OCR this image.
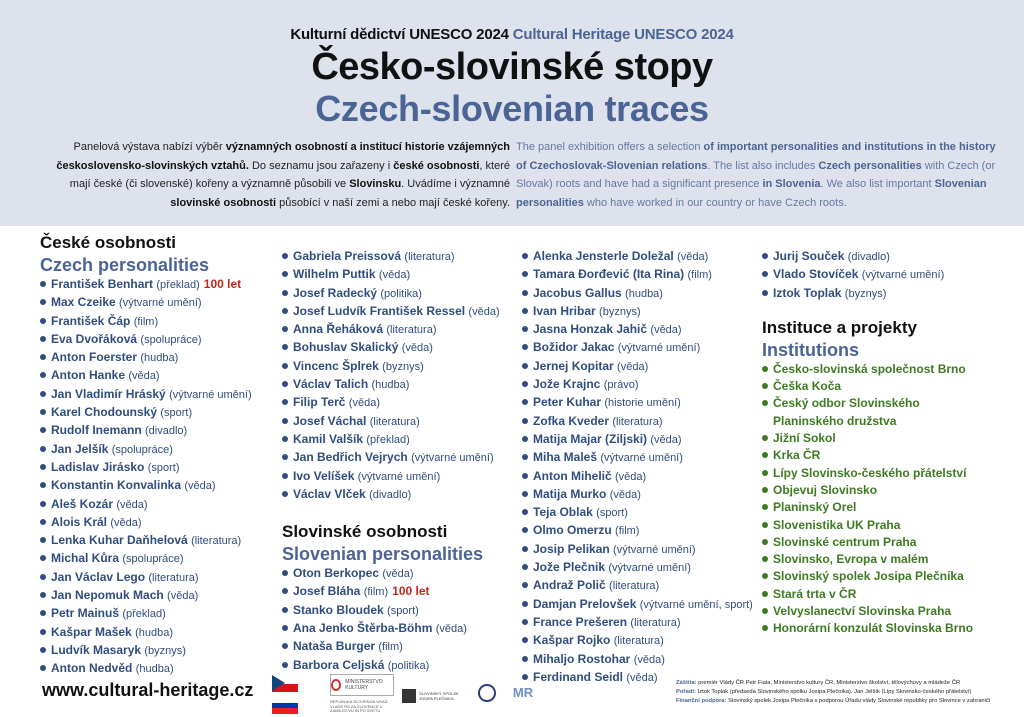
Kulturní dědictví UNESCO 2024 Cultural Heritage UNESCO 2024
Česko-slovinské stopy
Czech-slovenian traces
Panelová výstava nabízí výběr významných osobností a institucí historie vzájemných československo-slovinských vztahů. Do seznamu jsou zařazeny i české osobnosti, které mají české (či slovenské) kořeny a významně působili ve Slovinsku. Uvádíme i významné slovinské osobnosti působící v naší zemi a nebo mají české kořeny.
The panel exhibition offers a selection of important personalities and institutions in the history of Czechoslovak-Slovenian relations. The list also includes Czech personalities with Czech (or Slovak) roots and have had a significant presence in Slovenia. We also list important Slovenian personalities who have worked in our country or have Czech roots.
České osobnosti
Czech personalities
František Benhart (překlad) 100 let
Max Czeike (výtvarné umění)
František Čáp (film)
Eva Dvořáková (spolupráce)
Anton Foerster (hudba)
Anton Hanke (věda)
Jan Vladimír Hráský (výtvarné umění)
Karel Chodounský (sport)
Rudolf Inemann (divadlo)
Jan Jelšík (spolupráce)
Ladislav Jirásko (sport)
Konstantin Konvalinka (věda)
Aleš Kozár (věda)
Alois Král (věda)
Lenka Kuhar Daňhelová (literatura)
Michal Kůra (spolupráce)
Jan Václav Lego (literatura)
Jan Nepomuk Mach (věda)
Petr Mainuš (překlad)
Kašpar Mašek (hudba)
Ludvík Masaryk (byznys)
Anton Nedvěd (hudba)
Gabriela Preissová (literatura)
Wilhelm Puttik (věda)
Josef Radecký (politika)
Josef Ludvík František Ressel (věda)
Anna Řeháková (literatura)
Bohuslav Skalický (věda)
Vincenc Šplrek (byznys)
Václav Talich (hudba)
Filip Terč (věda)
Josef Váchal (literatura)
Kamil Valšík (překlad)
Jan Bedřich Vejrych (výtvarné umění)
Ivo Velíšek (výtvarné umění)
Václav Vlček (divadlo)
Slovinské osobnosti
Slovenian personalities
Oton Berkopec (věda)
Josef Bláha (film) 100 let
Stanko Bloudek (sport)
Ana Jenko Štěrba-Böhm (věda)
Nataša Burger (film)
Barbora Celjská (politika)
Alenka Jensterle Doležal (věda)
Tamara Đorđević (Ita Rina) (film)
Jacobus Gallus (hudba)
Ivan Hribar (byznys)
Jasna Honzak Jahič (věda)
Božidor Jakac (výtvarné umění)
Jernej Kopitar (věda)
Jože Krajnc (právo)
Peter Kuhar (historie umění)
Zofka Kveder (literatura)
Matija Majar (Ziljski) (věda)
Miha Maleš (výtvarné umění)
Anton Mihelič (věda)
Matija Murko (věda)
Teja Oblak (sport)
Olmo Omerzu (film)
Josip Pelikan (výtvarné umění)
Jože Plečnik (výtvarné umění)
Andraž Polič (literatura)
Damjan Prelovšek (výtvarné umění, sport)
France Prešeren (literatura)
Kašpar Rojko (literatura)
Mihaljo Rostohar (věda)
Ferdinand Seidl (věda)
Jurij Souček (divadlo)
Vlado Stovíček (výtvarné umění)
Iztok Toplak (byznys)
Instituce a projekty
Institutions
Česko-slovinská společnost Brno
Češka Koča
Český odbor Slovinského
Planinského družstva
Jižní Sokol
Krka ČR
Lípy Slovinsko-českého přátelství
Objevuj Slovinsko
Planinský Orel
Slovenistika UK Praha
Slovinské centrum Praha
Slovinsko, Evropa v malém
Slovinský spolek Josipa Plečnika
Stará trta v ČR
Velvyslanectví Slovinska Praha
Honorární konzulát Slovinska Brno
www.cultural-heritage.cz	MINISTERSTVO KULTURY
REPUBLIKA SLOVENIJA URAD VLADE RS ZA SLOVENCE V ZAMEJSTVU IN PO SVETU
SLOVINSKÝ SPOLEK JOSIPA PLEČNIKA	MR
Záštita: premiér Vlády ČR Petr Fiala, Ministerstvo kultury ČR, Ministerstvo školství, tělovýchovy a mládeže ČR
Pořadí: Iztok Toplak (předseda Slovinského spolku Josipa Plečnika), Jan Jelšík (Lípy Slovinsko-českého přátelství)
Finanční podpora: Slovinský spolek Josipa Plečnika s podporou Úřadu vlády Slovinské republiky pro Slovince v zahraničí
